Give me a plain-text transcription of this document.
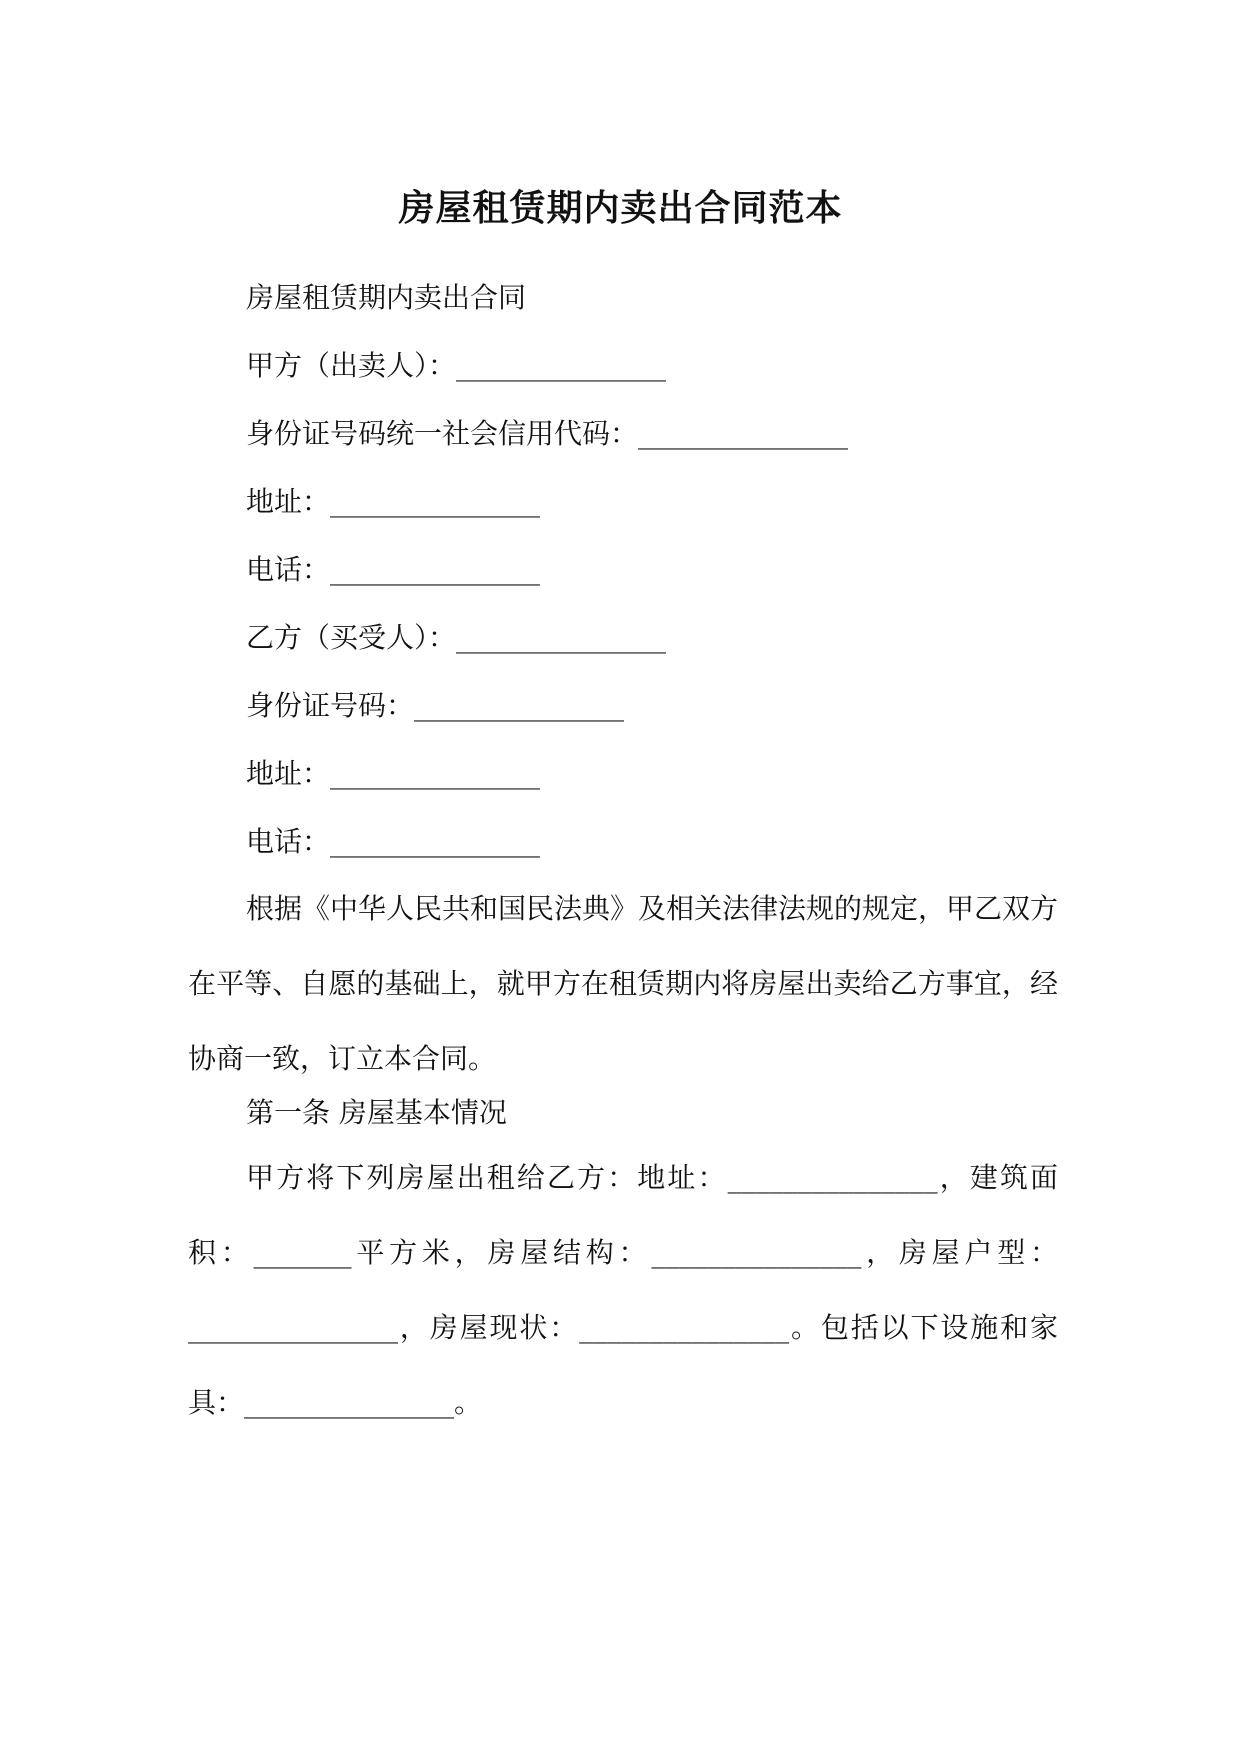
房屋租赁期内卖出合同范本
房屋租赁期内卖出合同
甲方（出卖人）：_______________
身份证号码统一社会信用代码：_______________
地址：_______________
电话：_______________
乙方（买受人）：_______________
身份证号码：_______________
地址：_______________
电话：_______________

根据《中华人民共和国民法典》及相关法律法规的规定，甲乙双方在平等、自愿的基础上，就甲方在租赁期内将房屋出卖给乙方事宜，经协商一致，订立本合同。

第一条 房屋基本情况

甲方将下列房屋出租给乙方：地址：_______________，建筑面积：_______平方米，房屋结构：_______________，房屋户型：_______________，房屋现状：_______________。包括以下设施和家具：_______________。
